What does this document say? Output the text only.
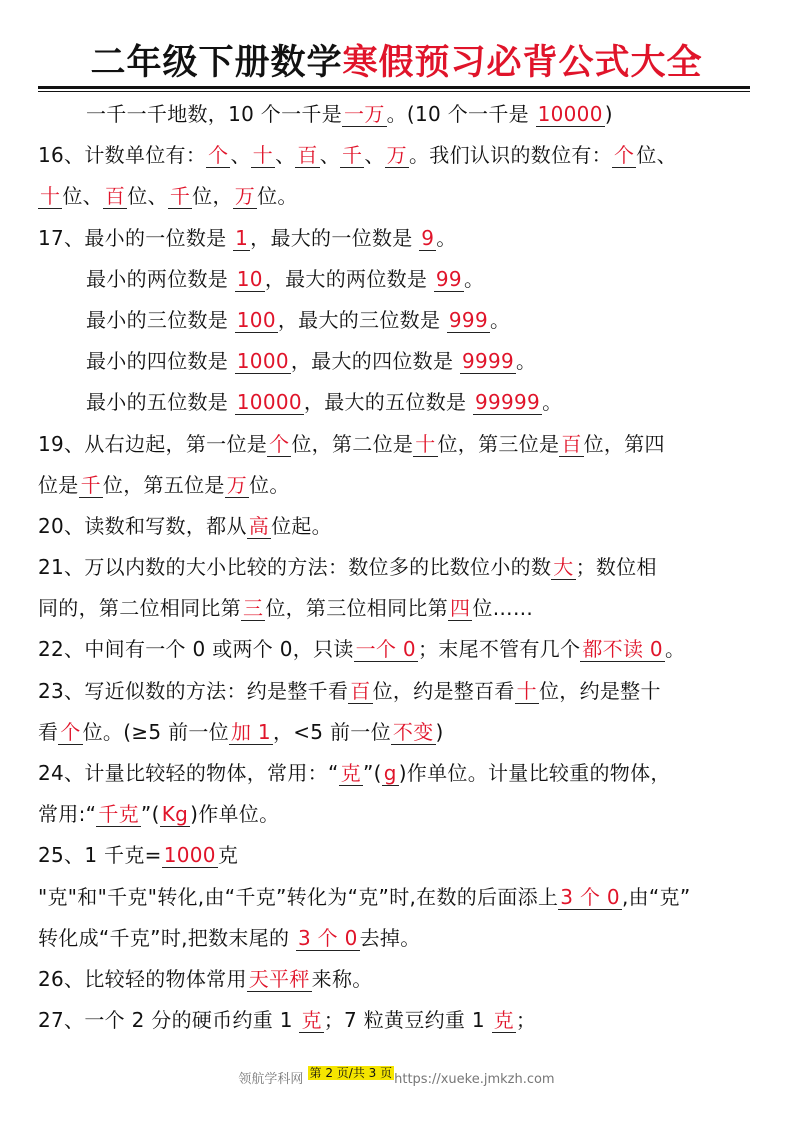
二年级下册数学寒假预习必背公式大全
一千一千地数，10 个一千是 一万 。(10 个一千是 10000 )
16、计数单位有： 个 、 十 、 百 、 千 、 万 。我们认识的数位有： 个 位、
十 位、 百 位、 千 位， 万 位。
17、最小的一位数是 1 ，最大的一位数是 9 。
最小的两位数是 10 ，最大的两位数是 99 。
最小的三位数是 100 ，最大的三位数是 999 。
最小的四位数是 1000 ，最大的四位数是 9999 。
最小的五位数是 10000 ，最大的五位数是 99999 。
19、从右边起，第一位是 个 位，第二位是 十 位，第三位是 百 位，第四
位是 千 位，第五位是 万 位。
20、读数和写数，都从 高 位起。
21、万以内数的大小比较的方法：数位多的比数位小的数 大 ；数位相
同的，第二位相同比第 三 位，第三位相同比第 四 位……
22、中间有一个 0 或两个 0，只读 一个 0 ；末尾不管有几个 都不读 0 。
23、写近似数的方法：约是整千看 百 位，约是整百看 十 位，约是整十
看 个 位。(≥5 前一位 加 1 ，<5 前一位 不变 )
24、计量比较轻的物体，常用：“ 克 ”( g )作单位。计量比较重的物体，
常用:“ 千克 ”( Kg )作单位。
25、1 千克= 1000 克
"克"和"千克"转化,由“千克”转化为“克”时,在数的后面添上 3 个 0 ,由“克”
转化成“千克”时,把数末尾的 3 个 0 去掉。
26、比较轻的物体常用 天平秤 来称。
27、一个 2 分的硬币约重 1 克 ；7 粒黄豆约重 1 克 ；
领航学科网 第 2 页/共 3 页 https://xueke.jmkzh.com
